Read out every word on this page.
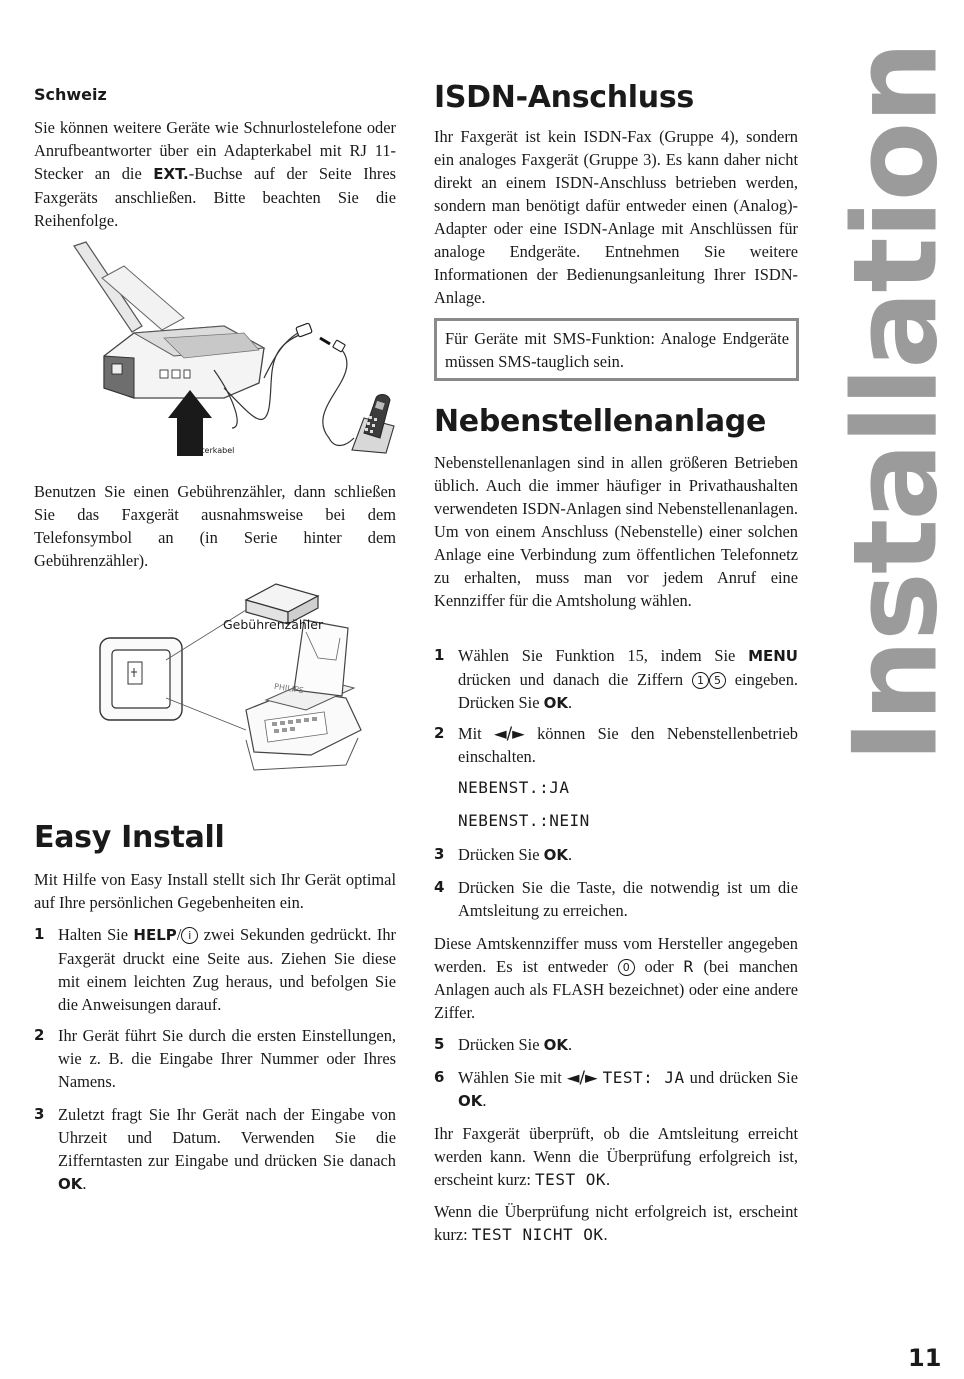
Schweiz

Sie können weitere Geräte wie Schnurlostelefone oder Anrufbeantworter über ein Adapterkabel mit RJ 11-Stecker an die EXT.-Buchse auf der Seite Ihres Faxgeräts anschließen. Bitte beachten Sie die Reihenfolge.

Adapterkabel

Benutzen Sie einen Gebührenzähler, dann schließen Sie das Faxgerät ausnahmsweise bei dem Telefonsymbol an (in Serie hinter dem Gebührenzähler).

Gebührenzähler
PHILIPS
Easy Install

Mit Hilfe von Easy Install stellt sich Ihr Gerät optimal auf Ihre persönlichen Gegebenheiten ein.

1 Halten Sie HELP/ i zwei Sekunden gedrückt. Ihr Faxgerät druckt eine Seite aus. Ziehen Sie diese mit einem leichten Zug heraus, und befolgen Sie die Anweisungen darauf.

2 Ihr Gerät führt Sie durch die ersten Einstellungen, wie z. B. die Eingabe Ihrer Nummer oder Ihres Namens.

3 Zuletzt fragt Sie Ihr Gerät nach der Eingabe von Uhrzeit und Datum. Verwenden Sie die Zifferntasten zur Eingabe und drücken Sie danach OK.

ISDN-Anschluss

Ihr Faxgerät ist kein ISDN-Fax (Gruppe 4), sondern ein analoges Faxgerät (Gruppe 3). Es kann daher nicht direkt an einem ISDN-Anschluss betrieben werden, sondern man benötigt dafür entweder einen (Analog)-Adapter oder eine ISDN-Anlage mit Anschlüssen für analoge Endgeräte. Entnehmen Sie weitere Informationen der Bedienungsanleitung Ihrer ISDN-Anlage.

Für Geräte mit SMS-Funktion: Analoge Endgeräte müssen SMS-tauglich sein.

Nebenstellenanlage

Nebenstellenanlagen sind in allen größeren Betrieben üblich. Auch die immer häufiger in Privathaushalten verwendeten ISDN-Anlagen sind Nebenstellenanlagen. Um von einem Anschluss (Nebenstelle) einer solchen Anlage eine Verbindung zum öffentlichen Telefonnetz zu erhalten, muss man vor jedem Anruf eine Kennziffer für die Amtsholung wählen.

1 Wählen Sie Funktion 15, indem Sie MENU drücken und danach die Ziffern 1 5 eingeben. Drücken Sie OK.

2 Mit ◄/► können Sie den Nebenstellenbetrieb einschalten.

NEBENST.:JA
NEBENST.:NEIN
3 Drücken Sie OK.

4 Drücken Sie die Taste, die notwendig ist um die Amtsleitung zu erreichen.

Diese Amtskennziffer muss vom Hersteller angegeben werden. Es ist entweder 0 oder R (bei manchen Anlagen auch als FLASH bezeichnet) oder eine andere Ziffer.

5 Drücken Sie OK.

6 Wählen Sie mit ◄/► TEST: JA und drücken Sie OK.

Ihr Faxgerät überprüft, ob die Amtsleitung erreicht werden kann. Wenn die Überprüfung erfolgreich ist, erscheint kurz: TEST OK.

Wenn die Überprüfung nicht erfolgreich ist, erscheint kurz: TEST NICHT OK.

Installation
11
